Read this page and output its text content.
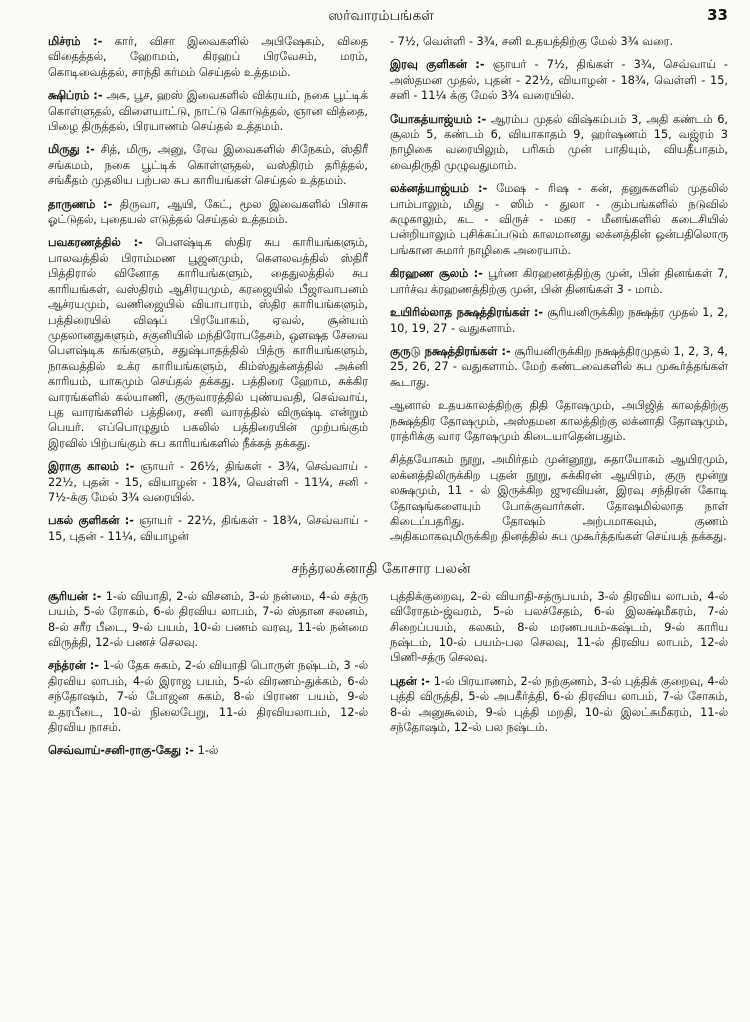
ஸர்வாரம்பங்கள்	33
மிச்ரம் :- கார், விசா இவைகளில் அபிஷேகம், விதை விதைத்தல், ஹோமம், கிரஹப் பிரவேசம், மரம், கொடிவைத்தல், சாந்தி கர்மம் செய்தல் உத்தமம்.
க்ஷிப்ரம் :- அசு, பூச, ஹஸ் இவைகளில் விக்ரயம், நகை பூட்டிக் கொள்ளுதல், விளையாட்டு, நாட்டு கொடுத்தல், ஞான வித்தை, பிழை திருத்தல், பிரயாணம் செய்தல் உத்தமம்.
மிருது :- சித், மிரு, அனு, ரேவ இவைகளில் சிநேகம், ஸ்திரீ சங்கமம், நகை பூட்டிக் கொள்ளுதல், வஸ்திரம் தரித்தல், சங்கீதம் முதலிய பற்பல சுப காரியங்கள் செய்தல் உத்தமம்.
தாருணம் :- திருவா, ஆயி, கேட், மூல இவைகளில் பிசாசு ஓட்டுதல், புதையல் எடுத்தல் செய்தல் உத்தமம்.
பவகரணத்தில் :- பௌஷ்டிக ஸ்திர சுப காரியங்களும், பாலவத்தில் பிராம்மண பூஜனமும், கௌலவத்தில் ஸ்திரீ பித்திரால் வினோத காரியங்களும், தைதுலத்தில் சுப காரியங்கள், வஸ்திரம் ஆசிரயமும், கரஜையில் பீஜாவாபனம் ஆச்ரயமும், வணிஜையில் வியாபாரம், ஸ்திர காரியங்களும், பத்திரையில் விஷப் பிரயோகம், ஏவல், சூன்யம் முதலானதுகளும், சகுனியில் மந்திரோபதேசம், ஔஷத சேவை பௌஷ்டிக கங்களும், சதுஷ்பாதத்தில் பித்ரு காரியங்களும், நாகவத்தில் உக்ர காரியங்களும், கிம்ஸ்துக்னத்தில் அக்னி காரியம், யாகமும் செய்தல் தக்கது. பத்திரை ஹோம, சுக்கிர வாரங்களில் கல்யாணி, குருவாரத்தில் புண்யவதி, செவ்வாய், புத வாரங்களில் பத்திரை, சனி வாரத்தில் விருஷ்டி என்றும் பெயர். எப்பொழுதும் பகலில் பத்திரையின் முற்பங்கும் இரவில் பிற்பங்கும் சுப காரியங்களில் நீக்கத் தக்கது.
இராகு காலம் :- ஞாயர் - 26½, திங்கள் - 3¾, செவ்வாய் - 22½, புதன் - 15, வியாழன் - 18¾, வெள்ளி - 11¼, சனி - 7½-க்கு மேல் 3¾ வரையில்.
பகல் குளிகன் :- ஞாயர் - 22½, திங்கள் - 18¾, செவ்வாய் - 15, புதன் - 11¼, வியாழன்
- 7½, வெள்ளி - 3¾, சனி உதயத்திற்கு மேல் 3¾ வரை.
இரவு குளிகன் :- ஞாயர் - 7½, திங்கள் - 3¾, செவ்வாய் - அஸ்தமன முதல், புதன் - 22½, வியாழன் - 18¾, வெள்ளி - 15, சனி - 11¼ க்கு மேல் 3¾ வரையில்.
யோகத்யாஜ்யம் :- ஆரம்ப முதல் விஷ்கம்பம் 3, அதி கண்டம் 6, சூலம் 5, கண்டம் 6, வியாகாதம் 9, ஹர்ஷணம் 15, வஜ்ரம் 3 நாழிகை வரையிலும், பரிகம் முன் பாதியும், வியதீபாதம், வைதிருதி முழுவதுமாம்.
லக்னத்யாஜ்யம் :- மேஷ - ரிஷ - கன், தனுசுகளில் முதலில் பாம்பாலும், மிது - ஸிம் - துலா - கும்பங்களில் நடுவில் கழுகாலும், கட - விருச் - மகர - மீனங்களில் கடைசியில் பன்றியாலும் புசிக்கப்படும் காலமானது லக்னத்தின் ஒன்பதிலொரு பங்கான சுமார் நாழிகை அரையாம்.
கிரஹண சூலம் :- பூர்ண கிரஹணத்திற்கு முன், பின் தினங்கள் 7, பார்ச்வ க்ரஹணத்திற்கு முன், பின் தினங்கள் 3 - மாம்.
உயிரில்லாத நக்ஷத்திரங்கள் :- சூரியனிருக்கிற நக்ஷத்ர முதல் 1, 2, 10, 19, 27 - வதுகளாம்.
குருடு நக்ஷத்திரங்கள் :- சூரியனிருக்கிற நக்ஷத்திரமுதல் 1, 2, 3, 4, 25, 26, 27 - வதுகளாம். மேற் கண்டவைகளில் சுப முகூர்த்தங்கள் கூடாது.
ஆனால் உதயகாலத்திற்கு திதி தோஷமும், அபிஜித் காலத்திற்கு நக்ஷத்திர தோஷமும், அஸ்தமன காலத்திற்கு லக்னாதி தோஷமும், ராத்ரிக்கு வார தோஷமும் கிடையாதென்பதும்.
சித்தயோகம் நூறு, அமிர்தம் முன்னூறு, சுதாயோகம் ஆயிரமும், லக்னத்திலிருக்கிற புதன் நூறு, சுக்கிரன் ஆயிரம், குரு மூன்று லக்ஷமும், 11 - ல் இருக்கிற ஜுரவியன், இரவு சந்திரன் கோடி தோஷங்களையும் போக்குவார்கள். தோஷமில்லாத நாள் கிடைப்பதரிது. தோஷம் அற்பமாகவும், குணம் அதிகமாகவுமிருக்கிற தினத்தில் சுப முகூர்த்தங்கள் செய்யத் தக்கது.
சந்த்ரலக்னாதி கோசார பலன்
சூரியன் :- 1-ல் வியாதி, 2-ல் விசனம், 3-ல் நன்மை, 4-ல் சத்ரு பயம், 5-ல் ரோகம், 6-ல் திரவிய லாபம், 7-ல் ஸ்தான சலனம், 8-ல் சரீர பீடை, 9-ல் பயம், 10-ல் பணம் வரவு, 11-ல் நன்மை விருத்தி, 12-ல் பணச் செலவு.
சந்த்ரன் :- 1-ல் தேக சுகம், 2-ல் வியாதி பொருள் நஷ்டம், 3 -ல் திரவிய லாபம், 4-ல் இராஜ பயம், 5-ல் விரணம்-துக்கம், 6-ல் சந்தோஷம், 7-ல் போஜன சுகம், 8-ல் பிராண பயம், 9-ல் உதரபீடை, 10-ல் நிலைபேறு, 11-ல் திரவியலாபம், 12-ல் திரவிய நாசம்.
செவ்வாய்-சனி-ராகு-கேது :- 1-ல்
புத்திக்குறைவு, 2-ல் வியாதி-சத்ருபயம், 3-ல் திரவிய லாபம், 4-ல் விரோதம்-ஜ்வரம், 5-ல் பலச்சேதம், 6-ல் இலக்ஷ்மீகரம், 7-ல் சிறைப்பயம், கலகம், 8-ல் மரணபயம்-கஷ்டம், 9-ல் காரிய நஷ்டம், 10-ல் பயம்-பல செலவு, 11-ல் திரவிய லாபம், 12-ல் பிணி-சத்ரு செலவு.
புதன் :- 1-ல் பிரயாணம், 2-ல் நற்குணம், 3-ல் புத்திக் குறைவு, 4-ல் புத்தி விருத்தி, 5-ல் அபகீர்த்தி, 6-ல் திரவிய லாபம், 7-ல் சோகம், 8-ல் அனுகூலம், 9-ல் புத்தி மறதி, 10-ல் இலட்சுமீகரம், 11-ல் சந்தோஷம், 12-ல் பல நஷ்டம்.
